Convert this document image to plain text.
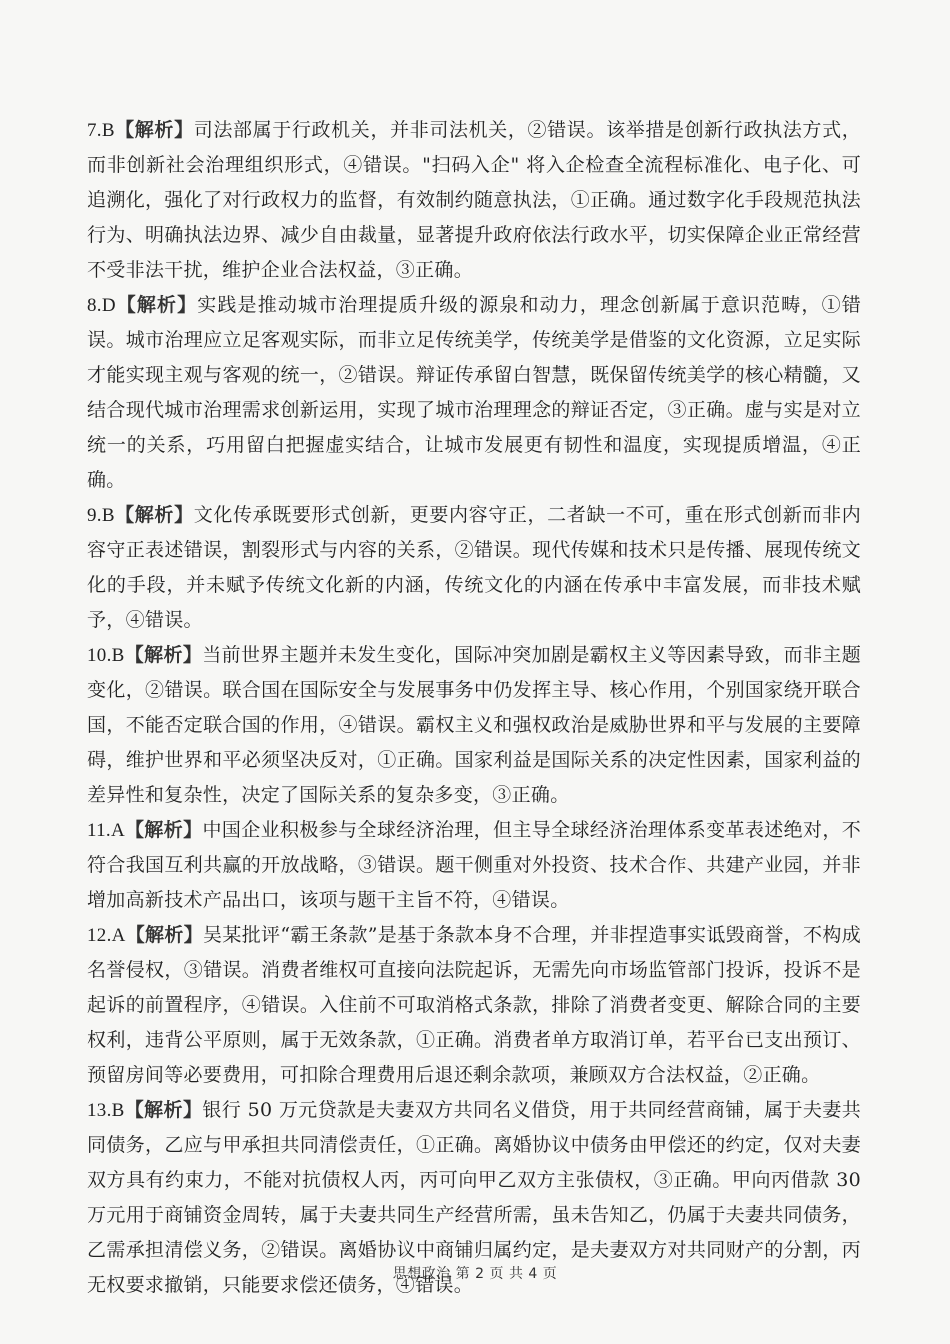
7.B【解析】司法部属于行政机关，并非司法机关，②错误。该举措是创新行政执法方式，而非创新社会治理组织形式，④错误。"扫码入企" 将入企检查全流程标准化、电子化、可追溯化，强化了对行政权力的监督，有效制约随意执法，①正确。通过数字化手段规范执法行为、明确执法边界、减少自由裁量，显著提升政府依法行政水平，切实保障企业正常经营不受非法干扰，维护企业合法权益，③正确。

8.D【解析】实践是推动城市治理提质升级的源泉和动力，理念创新属于意识范畴，①错误。城市治理应立足客观实际，而非立足传统美学，传统美学是借鉴的文化资源，立足实际才能实现主观与客观的统一，②错误。辩证传承留白智慧，既保留传统美学的核心精髓，又结合现代城市治理需求创新运用，实现了城市治理理念的辩证否定，③正确。虚与实是对立统一的关系，巧用留白把握虚实结合，让城市发展更有韧性和温度，实现提质增温，④正确。

9.B【解析】文化传承既要形式创新，更要内容守正，二者缺一不可，重在形式创新而非内容守正表述错误，割裂形式与内容的关系，②错误。现代传媒和技术只是传播、展现传统文化的手段，并未赋予传统文化新的内涵，传统文化的内涵在传承中丰富发展，而非技术赋予，④错误。

10.B【解析】当前世界主题并未发生变化，国际冲突加剧是霸权主义等因素导致，而非主题变化，②错误。联合国在国际安全与发展事务中仍发挥主导、核心作用，个别国家绕开联合国，不能否定联合国的作用，④错误。霸权主义和强权政治是威胁世界和平与发展的主要障碍，维护世界和平必须坚决反对，①正确。国家利益是国际关系的决定性因素，国家利益的差异性和复杂性，决定了国际关系的复杂多变，③正确。

11.A【解析】中国企业积极参与全球经济治理，但主导全球经济治理体系变革表述绝对，不符合我国互利共赢的开放战略，③错误。题干侧重对外投资、技术合作、共建产业园，并非增加高新技术产品出口，该项与题干主旨不符，④错误。

12.A【解析】吴某批评“霸王条款”是基于条款本身不合理，并非捏造事实诋毁商誉，不构成名誉侵权，③错误。消费者维权可直接向法院起诉，无需先向市场监管部门投诉，投诉不是起诉的前置程序，④错误。入住前不可取消格式条款，排除了消费者变更、解除合同的主要权利，违背公平原则，属于无效条款，①正确。消费者单方取消订单，若平台已支出预订、预留房间等必要费用，可扣除合理费用后退还剩余款项，兼顾双方合法权益，②正确。

13.B【解析】银行 50 万元贷款是夫妻双方共同名义借贷，用于共同经营商铺，属于夫妻共同债务，乙应与甲承担共同清偿责任，①正确。离婚协议中债务由甲偿还的约定，仅对夫妻双方具有约束力，不能对抗债权人丙，丙可向甲乙双方主张债权，③正确。甲向丙借款 30 万元用于商铺资金周转，属于夫妻共同生产经营所需，虽未告知乙，仍属于夫妻共同债务，乙需承担清偿义务，②错误。离婚协议中商铺归属约定，是夫妻双方对共同财产的分割，丙无权要求撤销，只能要求偿还债务，④错误。

思想政治 第 2 页 共 4 页
